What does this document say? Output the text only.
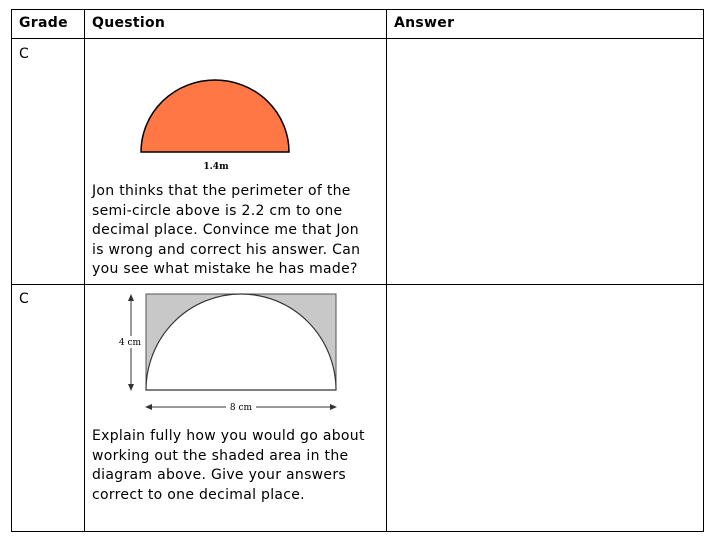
Grade Question	Answer
C
1.4m
Jon thinks that the perimeter of the semi-circle above is 2.2 cm to one decimal place. Convince me that Jon is wrong and correct his answer. Can you see what mistake he has made?
C
4 cm
8 cm
Explain fully how you would go about working out the shaded area in the diagram above. Give your answers correct to one decimal place.
